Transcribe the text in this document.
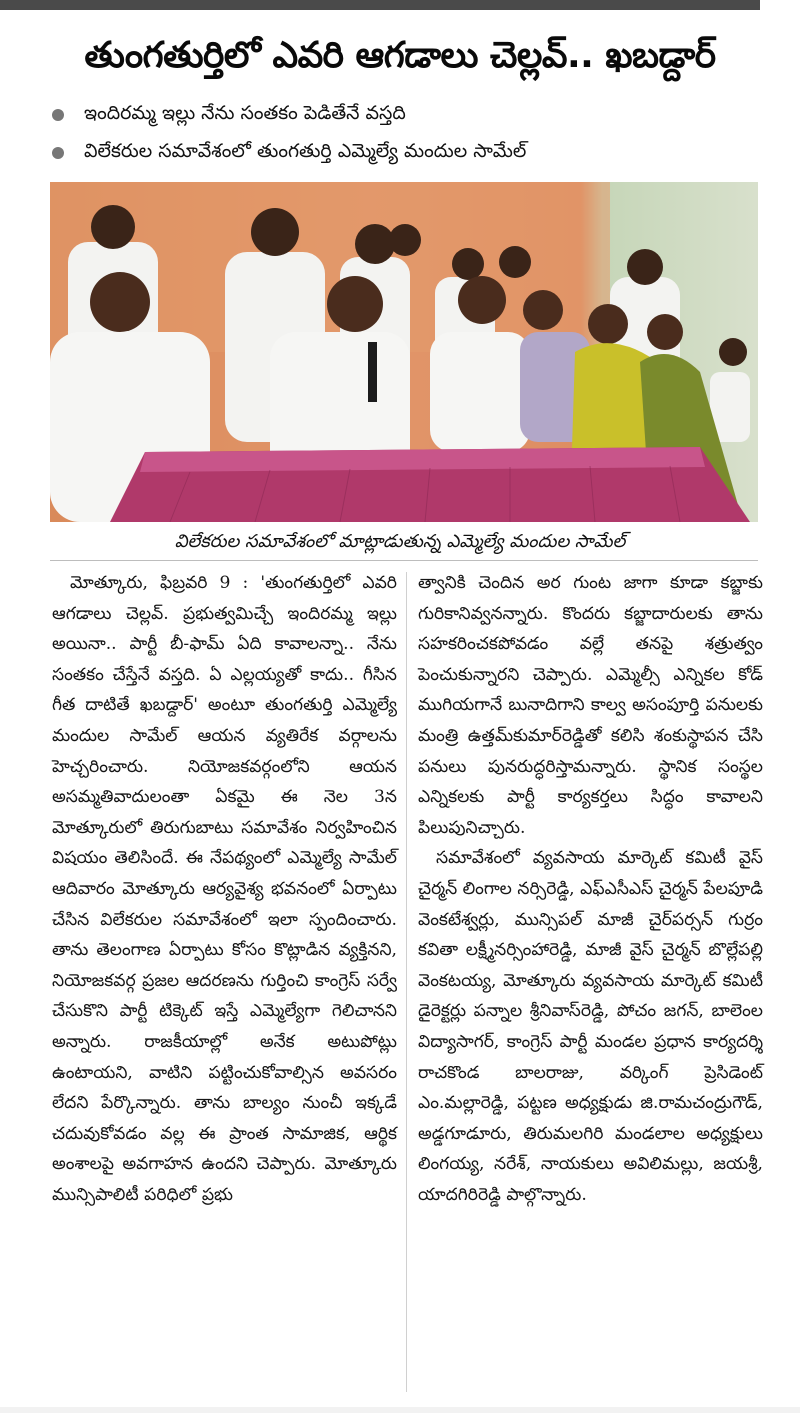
తుంగతుర్తిలో ఎవరి ఆగడాలు చెల్లవ్.. ఖబడ్దార్
ఇందిరమ్మ ఇల్లు నేను సంతకం పెడితేనే వస్తది
విలేకరుల సమావేశంలో తుంగతుర్తి ఎమ్మెల్యే మందుల సామేల్
విలేకరుల సమావేశంలో మాట్లాడుతున్న ఎమ్మెల్యే మందుల సామేల్

మోత్కూరు, ఫిబ్రవరి 9 : 'తుంగతుర్తిలో ఎవరి ఆగడాలు చెల్లవ్. ప్రభుత్వమిచ్చే ఇందిరమ్మ ఇల్లు అయినా.. పార్టీ బీ-ఫామ్ ఏది కావాలన్నా.. నేను సంతకం చేస్తేనే వస్తది. ఏ ఎల్లయ్యతో కాదు.. గీసిన గీత దాటితే ఖబడ్దార్' అంటూ తుంగతుర్తి ఎమ్మెల్యే మందుల సామేల్ ఆయన వ్యతిరేక వర్గాలను హెచ్చరించారు. నియోజకవర్గంలోని ఆయన అసమ్మతివాదులంతా ఏకమై ఈ నెల 3న మోత్కూరులో తిరుగుబాటు సమావేశం నిర్వహించిన విషయం తెలిసిందే. ఈ నేపథ్యంలో ఎమ్మెల్యే సామేల్ ఆదివారం మోత్కూరు ఆర్యవైశ్య భవనంలో ఏర్పాటు చేసిన విలేకరుల సమావేశంలో ఇలా స్పందించారు. తాను తెలంగాణ ఏర్పాటు కోసం కొట్లాడిన వ్యక్తినని, నియోజకవర్గ ప్రజల ఆదరణను గుర్తించి కాంగ్రెస్ సర్వే చేసుకొని పార్టీ టిక్కెట్ ఇస్తే ఎమ్మెల్యేగా గెలిచానని అన్నారు. రాజకీయాల్లో అనేక అటుపోట్లు ఉంటాయని, వాటిని పట్టించుకోవాల్సిన అవసరం లేదని పేర్కొన్నారు. తాను బాల్యం నుంచీ ఇక్కడే చదువుకోవడం వల్ల ఈ ప్రాంత సామాజిక, ఆర్థిక అంశాలపై అవగాహన ఉందని చెప్పారు. మోత్కూరు మున్సిపాలిటీ పరిధిలో ప్రభు

త్వానికి చెందిన అర గుంట జాగా కూడా కబ్జాకు గురికానివ్వనన్నారు. కొందరు కబ్జాదారులకు తాను సహకరించకపోవడం వల్లే తనపై శత్రుత్వం పెంచుకున్నారని చెప్పారు. ఎమ్మెల్సీ ఎన్నికల కోడ్ ముగియగానే బునాదిగాని కాల్వ అసంపూర్తి పనులకు మంత్రి ఉత్తమ్‌కుమార్‌రెడ్డితో కలిసి శంకుస్థాపన చేసి పనులు పునరుద్ధరిస్తామన్నారు. స్థానిక సంస్థల ఎన్నికలకు పార్టీ కార్యకర్తలు సిద్ధం కావాలని పిలుపునిచ్చారు.

సమావేశంలో వ్యవసాయ మార్కెట్ కమిటీ వైస్ చైర్మన్ లింగాల నర్సిరెడ్డి, ఎఫ్‌ఎసీఎస్ చైర్మన్ పేలపూడి వెంకటేశ్వర్లు, మున్సిపల్ మాజీ చైర్‌పర్సన్ గుర్రం కవితా లక్ష్మీనర్సింహారెడ్డి, మాజీ వైస్ చైర్మన్ బొల్లేపల్లి వెంకటయ్య, మోత్కూరు వ్యవసాయ మార్కెట్ కమిటీ డైరెక్టర్లు పన్నాల శ్రీనివాస్‌రెడ్డి, పోచం జగన్, బాలెంల విద్యాసాగర్, కాంగ్రెస్ పార్టీ మండల ప్రధాన కార్యదర్శి రాచకొండ బాలరాజు, వర్కింగ్ ప్రెసిడెంట్ ఎం.మల్లారెడ్డి, పట్టణ అధ్యక్షుడు జి.రామచంద్రుగౌడ్, అడ్డగూడూరు, తిరుమలగిరి మండలాల అధ్యక్షులు లింగయ్య, నరేశ్, నాయకులు అవిలిమల్లు, జయశ్రీ, యాదగిరిరెడ్డి పాల్గొన్నారు.
